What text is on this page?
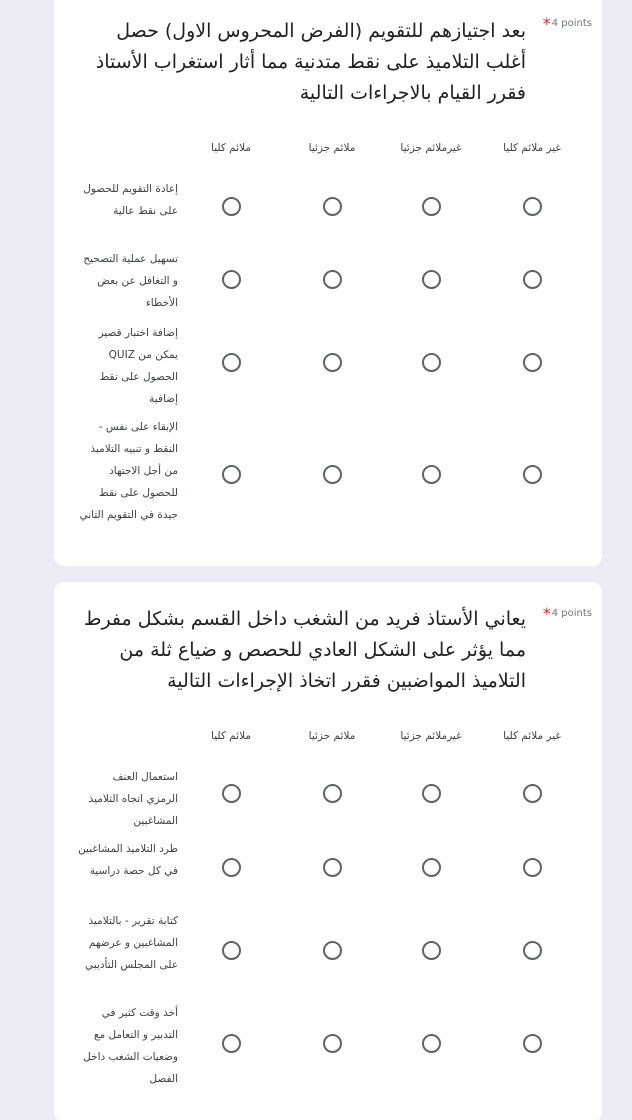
*4 points
بعد اجتيازهم للتقويم (الفرض المحروس الاول) حصل أغلب التلاميذ على نقط متدنية مما أثار استغراب الأستاذ فقرر القيام بالاجراءات التالية
ملائم كليا	ملائم جزئيا	غيرملائم جزئيا	غير ملائم كليا
إعادة التقويم للحصول على نقط عالية
تسهيل عملية التصحيح و التغافل عن بعض الأخطاء
إضافة اختبار قصير يمكن من QUIZ الحصول على نقط إضافية
الإبقاء على نفس - النقط و تنبيه التلاميذ من أجل الاجتهاد للحصول على نقط جيدة في التقويم الثاني
*4 points
يعاني الأستاذ فريد من الشغب داخل القسم بشكل مفرط مما يؤثر على الشكل العادي للحصص و ضياع ثلة من التلاميذ المواضبين فقرر اتخاذ الإجراءات التالية
ملائم كليا	ملائم جزئيا	غيرملائم جزئيا	غير ملائم كليا
استعمال العنف الرمزي اتجاه التلاميذ المشاغبين
طرد التلاميذ المشاغبين في كل حصة دراسية
كتابة تقرير - بالتلاميذ المشاغبين و عرضهم على المجلس التأديبي
أخذ وقت كثير في التدبير و التعامل مع وضعيات الشغب داخل الفصل
